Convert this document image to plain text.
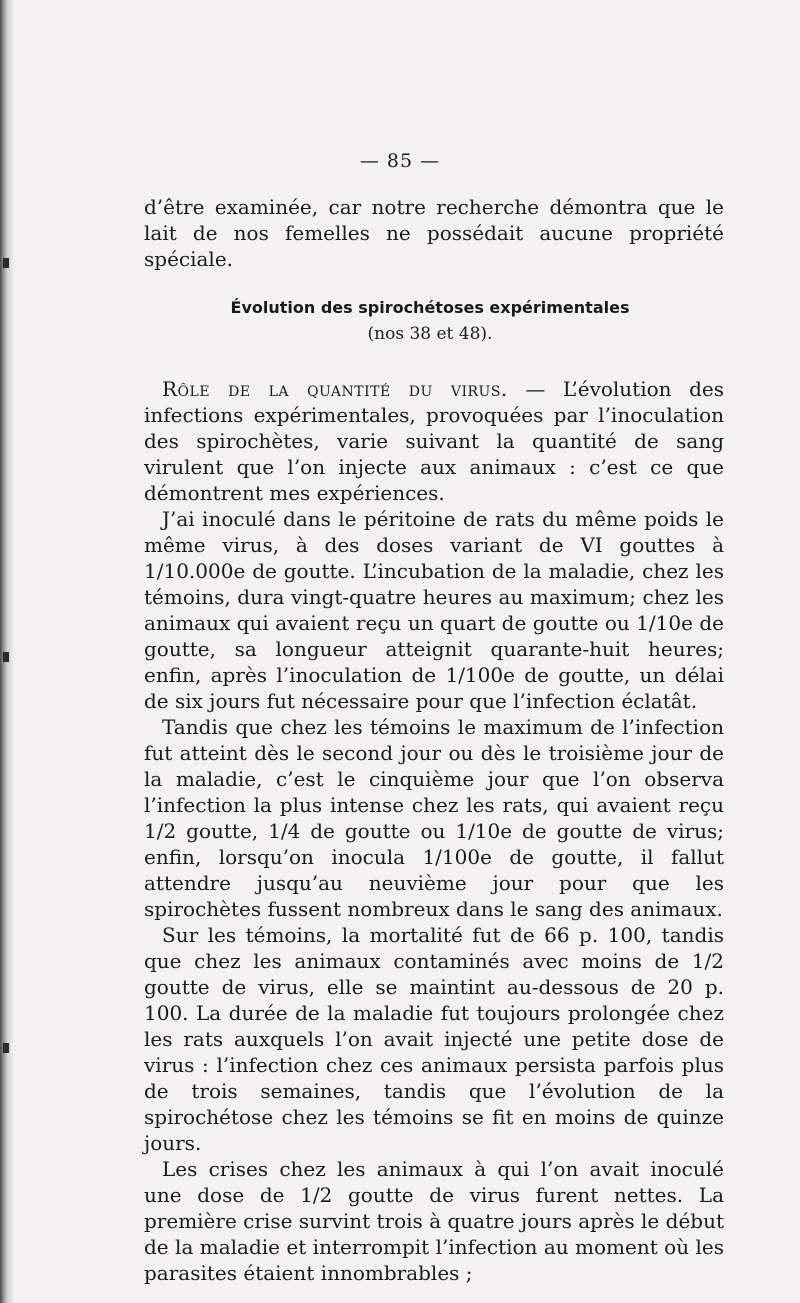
— 85 —

d’être examinée, car notre recherche démontra que le lait de nos femelles ne possédait aucune propriété spéciale.

Évolution des spirochétoses expérimentales
(nos 38 et 48).

Rôle de la quantité du virus. — L’évolution des infections expérimentales, provoquées par l’inoculation des spirochètes, varie suivant la quantité de sang virulent que l’on injecte aux animaux : c’est ce que démontrent mes expériences.

J’ai inoculé dans le péritoine de rats du même poids le même virus, à des doses variant de VI gouttes à 1/10.000e de goutte. L’incubation de la maladie, chez les témoins, dura vingt-quatre heures au maximum; chez les animaux qui avaient reçu un quart de goutte ou 1/10e de goutte, sa longueur atteignit quarante-huit heures; enfin, après l’inoculation de 1/100e de goutte, un délai de six jours fut nécessaire pour que l’infection éclatât.

Tandis que chez les témoins le maximum de l’infection fut atteint dès le second jour ou dès le troisième jour de la maladie, c’est le cinquième jour que l’on observa l’infection la plus intense chez les rats, qui avaient reçu 1/2 goutte, 1/4 de goutte ou 1/10e de goutte de virus; enfin, lorsqu’on inocula 1/100e de goutte, il fallut attendre jusqu’au neuvième jour pour que les spirochètes fussent nombreux dans le sang des animaux.

Sur les témoins, la mortalité fut de 66 p. 100, tandis que chez les animaux contaminés avec moins de 1/2 goutte de virus, elle se maintint au-dessous de 20 p. 100. La durée de la maladie fut toujours prolongée chez les rats auxquels l’on avait injecté une petite dose de virus : l’infection chez ces animaux persista parfois plus de trois semaines, tandis que l’évolution de la spirochétose chez les témoins se fit en moins de quinze jours.

Les crises chez les animaux à qui l’on avait inoculé une dose de 1/2 goutte de virus furent nettes. La première crise survint trois à quatre jours après le début de la maladie et interrompit l’infection au moment où les parasites étaient innombrables ;
